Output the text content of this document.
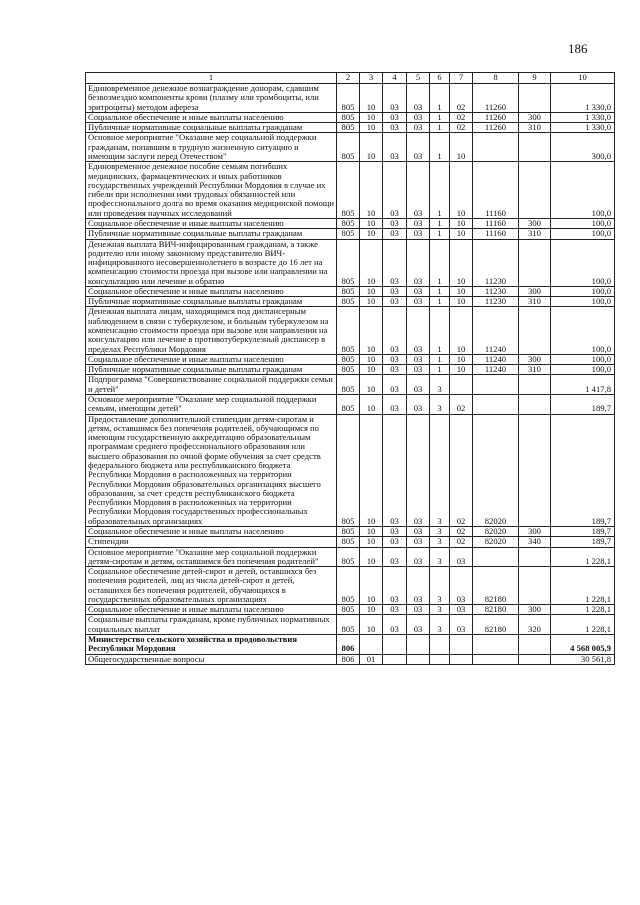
186
1	2	3	4	5	6	7	8	9	10
Единовременное денежное вознаграждение донорам, сдавшим безвозмездно компоненты крови (плазму или тромбоциты, или эритроциты) методом афереза	805	10	03	03	1	02	11260		1 330,0
Социальное обеспечение и иные выплаты населению	805	10	03	03	1	02	11260	300	1 330,0
Публичные нормативные социальные выплаты гражданам	805	10	03	03	1	02	11260	310	1 330,0
Основное мероприятие "Оказание мер социальной поддержки гражданам, попавшим в трудную жизненную ситуацию и имеющим заслуги перед Отечеством"	805	10	03	03	1	10			300,0
Единовременное денежное пособие семьям погибших медицинских, фармацевтических и иных работников государственных учреждений Республики Мордовия в случае их гибели при исполнении ими трудовых обязанностей или профессионального долга во время оказания медицинской помощи или проведения научных исследований	805	10	03	03	1	10	11160		100,0
Социальное обеспечение и иные выплаты населению	805	10	03	03	1	10	11160	300	100,0
Публичные нормативные социальные выплаты гражданам	805	10	03	03	1	10	11160	310	100,0
Денежная выплата ВИЧ-инфицированным гражданам, а также родителю или иному законному представителю ВИЧ-инфицированного несовершеннолетнего в возрасте до 16 лет на компенсацию стоимости проезда при вызове или направлении на консультацию или лечение и обратно	805	10	03	03	1	10	11230		100,0
Социальное обеспечение и иные выплаты населению	805	10	03	03	1	10	11230	300	100,0
Публичные нормативные социальные выплаты гражданам	805	10	03	03	1	10	11230	310	100,0
Денежная выплата лицам, находящимся под диспансерным наблюдением в связи с туберкулезом, и больным туберкулезом на компенсацию стоимости проезда при вызове или направлении на консультацию или лечение в противотуберкулезный диспансер в пределах Республики Мордовия	805	10	03	03	1	10	11240		100,0
Социальное обеспечение и иные выплаты населению	805	10	03	03	1	10	11240	300	100,0
Публичные нормативные социальные выплаты гражданам	805	10	03	03	1	10	11240	310	100,0
Подпрограмма "Совершенствование социальной поддержки семьи и детей"	805	10	03	03	3				1 417,8
Основное мероприятие "Оказание мер социальной поддержки семьям, имеющим детей"	805	10	03	03	3	02			189,7
Предоставление дополнительной стипендии детям-сиротам и детям, оставшимся без попечения родителей, обучающимся по имеющим государственную аккредитацию образовательным программам среднего профессионального образования или высшего образования по очной форме обучения за счет средств федерального бюджета или республиканского бюджета Республики Мордовия в расположенных на территории Республики Мордовия образовательных организациях высшего образования, за счет средств республиканского бюджета Республики Мордовия в расположенных на территории Республики Мордовия государственных профессиональных образовательных организациях	805	10	03	03	3	02	82020		189,7
Социальное обеспечение и иные выплаты населению	805	10	03	03	3	02	82020	300	189,7
Стипендии	805	10	03	03	3	02	82020	340	189,7
Основное мероприятие "Оказание мер социальной поддержки детям-сиротам и детям, оставшимся без попечения родителей"	805	10	03	03	3	03			1 228,1
Социальное обеспечение детей-сирот и детей, оставшихся без попечения родителей, лиц из числа детей-сирот и детей, оставшихся без попечения родителей, обучающихся в государственных образовательных организациях	805	10	03	03	3	03	82180		1 228,1
Социальное обеспечение и иные выплаты населению	805	10	03	03	3	03	82180	300	1 228,1
Социальные выплаты гражданам, кроме публичных нормативных социальных выплат	805	10	03	03	3	03	82180	320	1 228,1
Министерство сельского хозяйства и продовольствия Республики Мордовия	806								4 568 005,9
Общегосударственные вопросы	806	01							30 561,8
